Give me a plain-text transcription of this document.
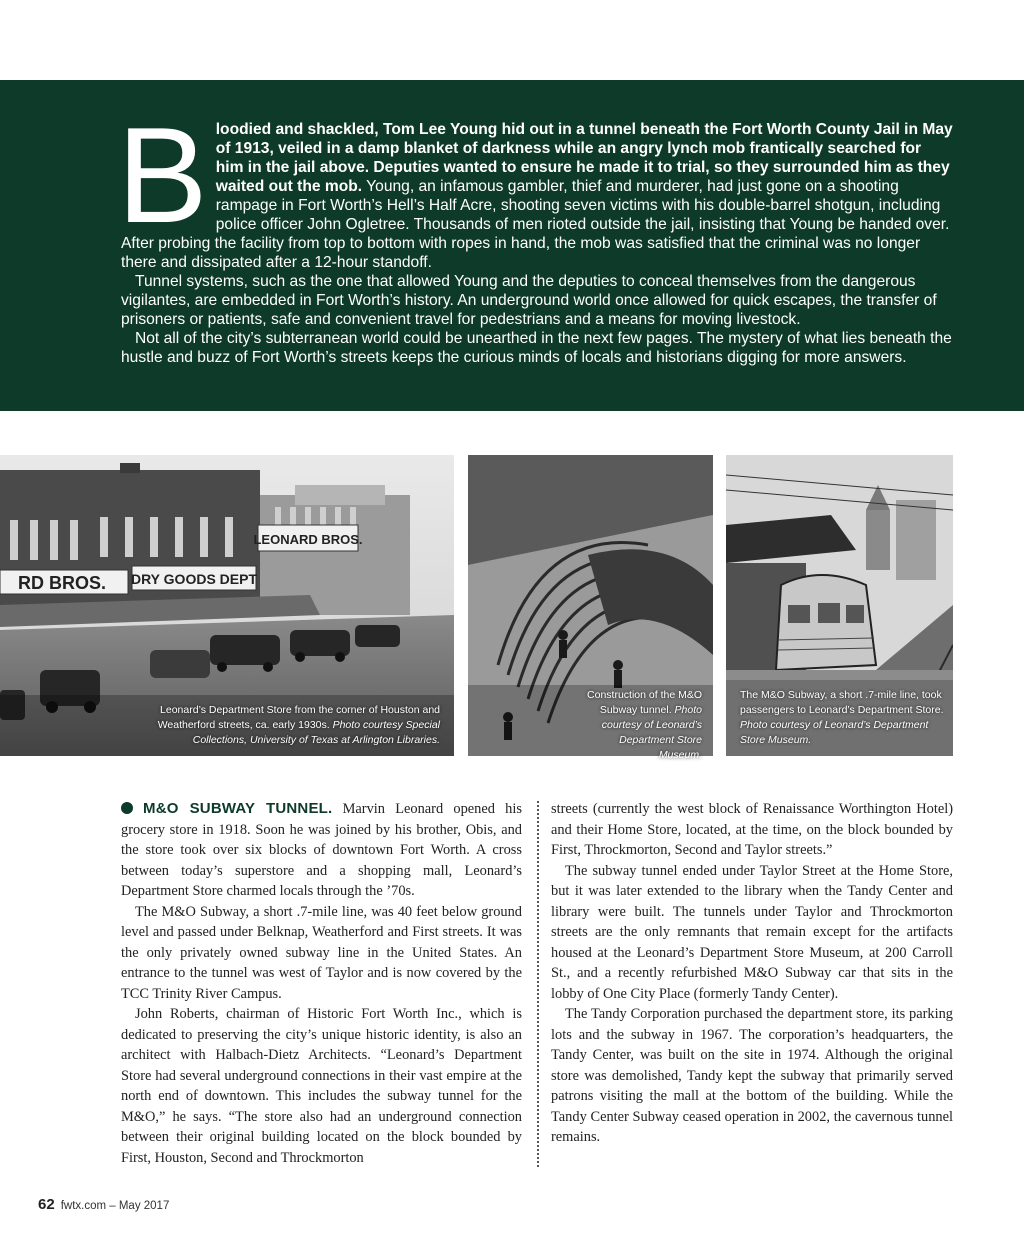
B loodied and shackled, Tom Lee Young hid out in a tunnel beneath the Fort Worth County Jail in May of 1913, veiled in a damp blanket of darkness while an angry lynch mob frantically searched for him in the jail above. Deputies wanted to ensure he made it to trial, so they surrounded him as they waited out the mob. Young, an infamous gambler, thief and murderer, had just gone on a shooting rampage in Fort Worth’s Hell’s Half Acre, shooting seven victims with his double-barrel shotgun, including police officer John Ogletree. Thousands of men rioted outside the jail, insisting that Young be handed over. After probing the facility from top to bottom with ropes in hand, the mob was satisfied that the criminal was no longer there and dissipated after a 12-hour standoff.

Tunnel systems, such as the one that allowed Young and the deputies to conceal themselves from the dangerous vigilantes, are embedded in Fort Worth’s history. An underground world once allowed for quick escapes, the transfer of prisoners or patients, safe and convenient travel for pedestrians and a means for moving livestock.

Not all of the city’s subterranean world could be unearthed in the next few pages. The mystery of what lies beneath the hustle and buzz of Fort Worth’s streets keeps the curious minds of locals and historians digging for more answers.

LEONARD BROS.
RD BROS. DRY GOODS DEPT
Leonard’s Department Store from the corner of Houston and Weatherford streets, ca. early 1930s. Photo courtesy Special Collections, University of Texas at Arlington Libraries.
Construction of the M&O Subway tunnel. Photo courtesy of Leonard’s Department Store Museum.
The M&O Subway, a short .7-mile line, took passengers to Leonard’s Department Store. Photo courtesy of Leonard’s Department Store Museum.

M&O SUBWAY TUNNEL. Marvin Leonard opened his grocery store in 1918. Soon he was joined by his brother, Obis, and the store took over six blocks of downtown Fort Worth. A cross between today’s superstore and a shopping mall, Leonard’s Department Store charmed locals through the ’70s.

The M&O Subway, a short .7-mile line, was 40 feet below ground level and passed under Belknap, Weatherford and First streets. It was the only privately owned subway line in the United States. An entrance to the tunnel was west of Taylor and is now covered by the TCC Trinity River Campus.

John Roberts, chairman of Historic Fort Worth Inc., which is dedicated to preserving the city’s unique historic identity, is also an architect with Halbach-Dietz Architects. “Leonard’s Department Store had several underground connections in their vast empire at the north end of downtown. This includes the subway tunnel for the M&O,” he says. “The store also had an underground connection between their original building located on the block bounded by First, Houston, Second and Throckmorton

streets (currently the west block of Renaissance Worthington Hotel) and their Home Store, located, at the time, on the block bounded by First, Throckmorton, Second and Taylor streets.”

The subway tunnel ended under Taylor Street at the Home Store, but it was later extended to the library when the Tandy Center and library were built. The tunnels under Taylor and Throckmorton streets are the only remnants that remain except for the artifacts housed at the Leonard’s Department Store Museum, at 200 Carroll St., and a recently refurbished M&O Subway car that sits in the lobby of One City Place (formerly Tandy Center).

The Tandy Corporation purchased the department store, its parking lots and the subway in 1967. The corporation’s headquarters, the Tandy Center, was built on the site in 1974. Although the original store was demolished, Tandy kept the subway that primarily served patrons visiting the mall at the bottom of the building. While the Tandy Center Subway ceased operation in 2002, the cavernous tunnel remains.

62 fwtx.com – May 2017
